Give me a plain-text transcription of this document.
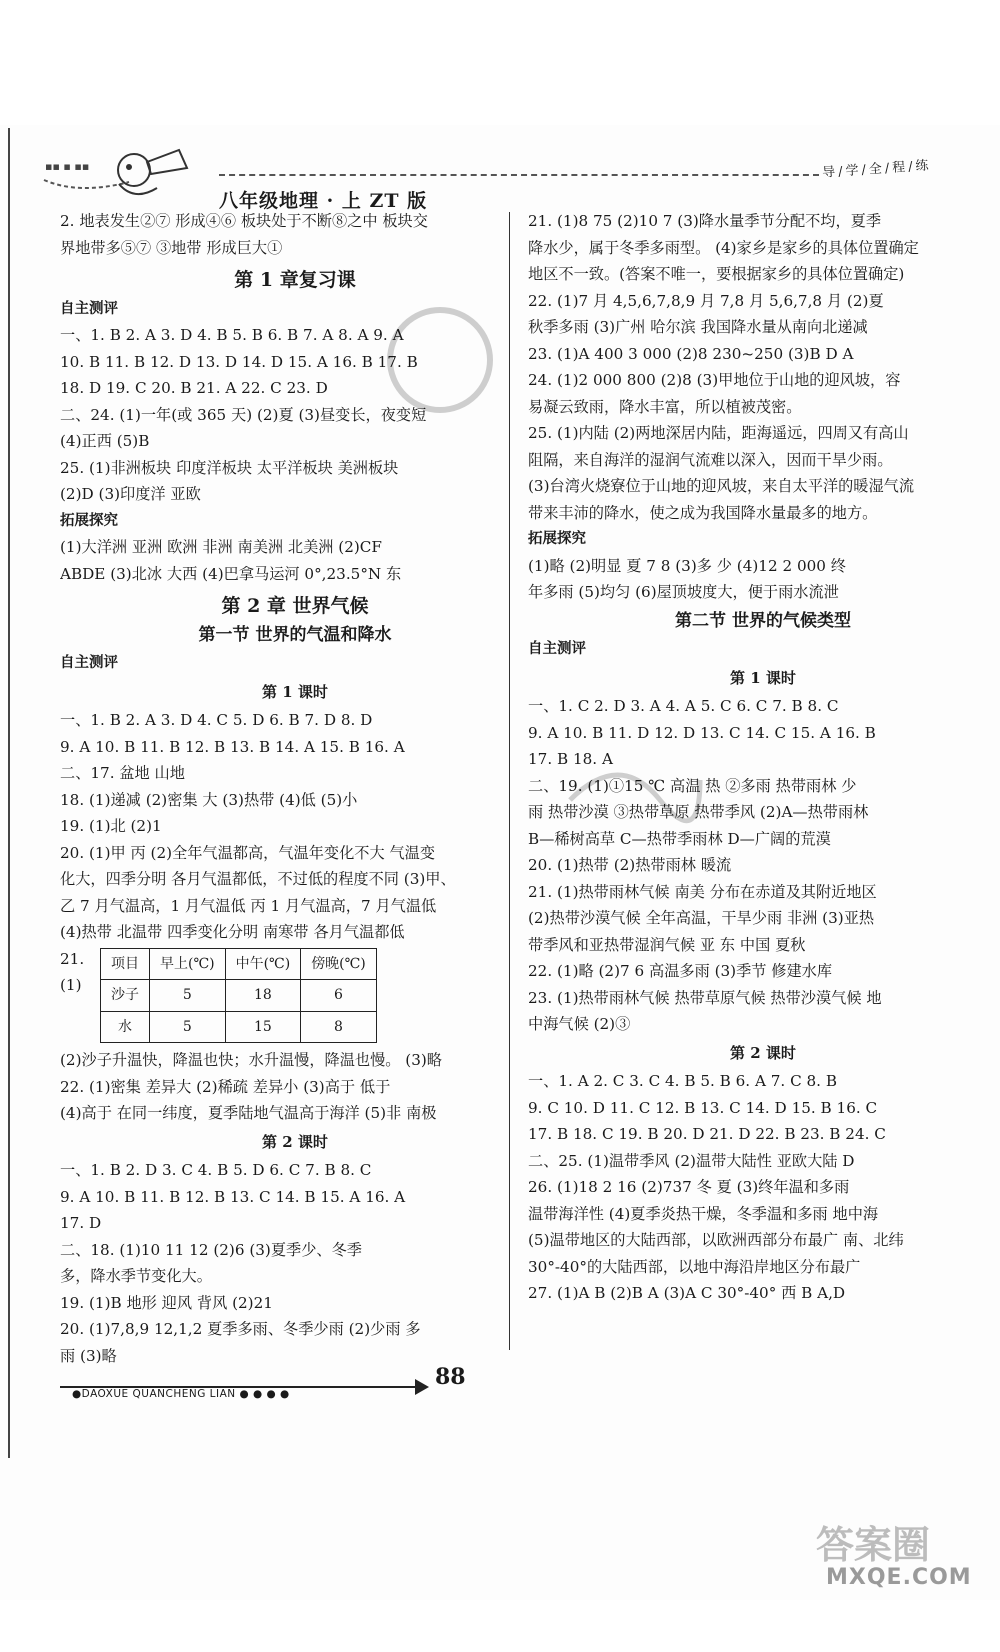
▪▪ ▪ ▪▪
八年级地理 · 上 ZT 版
导/学/全/程/练
2. 地表发生②⑦ 形成④⑥ 板块处于不断⑧之中 板块交
界地带多⑤⑦ ③地带 形成巨大①
第 1 章复习课
自主测评
一、1. B 2. A 3. D 4. B 5. B 6. B 7. A 8. A 9. A
10. B 11. B 12. D 13. D 14. D 15. A 16. B 17. B
18. D 19. C 20. B 21. A 22. C 23. D
二、24. (1)一年(或 365 天) (2)夏 (3)昼变长，夜变短
(4)正西 (5)B
25. (1)非洲板块 印度洋板块 太平洋板块 美洲板块
(2)D (3)印度洋 亚欧
拓展探究
(1)大洋洲 亚洲 欧洲 非洲 南美洲 北美洲 (2)CF
ABDE (3)北冰 大西 (4)巴拿马运河 0°,23.5°N 东
第 2 章 世界气候
第一节 世界的气温和降水
自主测评
第 1 课时
一、1. B 2. A 3. D 4. C 5. D 6. B 7. D 8. D
9. A 10. B 11. B 12. B 13. B 14. A 15. B 16. A
二、17. 盆地 山地
18. (1)递减 (2)密集 大 (3)热带 (4)低 (5)小
19. (1)北 (2)1
20. (1)甲 丙 (2)全年气温都高，气温年变化不大 气温变
化大，四季分明 各月气温都低，不过低的程度不同 (3)甲、
乙 7 月气温高，1 月气温低 丙 1 月气温高，7 月气温低
(4)热带 北温带 四季变化分明 南寒带 各月气温都低
21. (1)
项目	早上(℃)	中午(℃)	傍晚(℃)
沙子	5	18	6
水	5	15	8
(2)沙子升温快，降温也快；水升温慢，降温也慢。 (3)略
22. (1)密集 差异大 (2)稀疏 差异小 (3)高于 低于
(4)高于 在同一纬度，夏季陆地气温高于海洋 (5)非 南极
第 2 课时
一、1. B 2. D 3. C 4. B 5. D 6. C 7. B 8. C
9. A 10. B 11. B 12. B 13. C 14. B 15. A 16. A
17. D
二、18. (1)10 11 12 (2)6 (3)夏季少、冬季
多，降水季节变化大。
19. (1)B 地形 迎风 背风 (2)21
20. (1)7,8,9 12,1,2 夏季多雨、冬季少雨 (2)少雨 多
雨 (3)略
21. (1)8 75 (2)10 7 (3)降水量季节分配不均，夏季
降水少，属于冬季多雨型。 (4)家乡是家乡的具体位置确定
地区不一致。(答案不唯一，要根据家乡的具体位置确定)
22. (1)7 月 4,5,6,7,8,9 月 7,8 月 5,6,7,8 月 (2)夏
秋季多雨 (3)广州 哈尔滨 我国降水量从南向北递减
23. (1)A 400 3 000 (2)8 230~250 (3)B D A
24. (1)2 000 800 (2)8 (3)甲地位于山地的迎风坡，容
易凝云致雨，降水丰富，所以植被茂密。
25. (1)内陆 (2)两地深居内陆，距海遥远，四周又有高山
阻隔，来自海洋的湿润气流难以深入，因而干旱少雨。
(3)台湾火烧寮位于山地的迎风坡，来自太平洋的暖湿气流
带来丰沛的降水，使之成为我国降水量最多的地方。
拓展探究
(1)略 (2)明显 夏 7 8 (3)多 少 (4)12 2 000 终
年多雨 (5)均匀 (6)屋顶坡度大，便于雨水流泄
第二节 世界的气候类型
自主测评
第 1 课时
一、1. C 2. D 3. A 4. A 5. C 6. C 7. B 8. C
9. A 10. B 11. D 12. D 13. C 14. C 15. A 16. B
17. B 18. A
二、19. (1)①15 ℃ 高温 热 ②多雨 热带雨林 少
雨 热带沙漠 ③热带草原 热带季风 (2)A—热带雨林
B—稀树高草 C—热带季雨林 D—广阔的荒漠
20. (1)热带 (2)热带雨林 暖流
21. (1)热带雨林气候 南美 分布在赤道及其附近地区
(2)热带沙漠气候 全年高温，干旱少雨 非洲 (3)亚热
带季风和亚热带湿润气候 亚 东 中国 夏秋
22. (1)略 (2)7 6 高温多雨 (3)季节 修建水库
23. (1)热带雨林气候 热带草原气候 热带沙漠气候 地
中海气候 (2)③
第 2 课时
一、1. A 2. C 3. C 4. B 5. B 6. A 7. C 8. B
9. C 10. D 11. C 12. B 13. C 14. D 15. B 16. C
17. B 18. C 19. B 20. D 21. D 22. B 23. B 24. C
二、25. (1)温带季风 (2)温带大陆性 亚欧大陆 D
26. (1)18 2 16 (2)737 冬 夏 (3)终年温和多雨
温带海洋性 (4)夏季炎热干燥，冬季温和多雨 地中海
(5)温带地区的大陆西部，以欧洲西部分布最广 南、北纬
30°-40°的大陆西部，以地中海沿岸地区分布最广
27. (1)A B (2)B A (3)A C 30°-40° 西 B A,D
●DAOXUE QUANCHENG LIAN ● ● ● ●
88
答案圈
MXQE.COM
